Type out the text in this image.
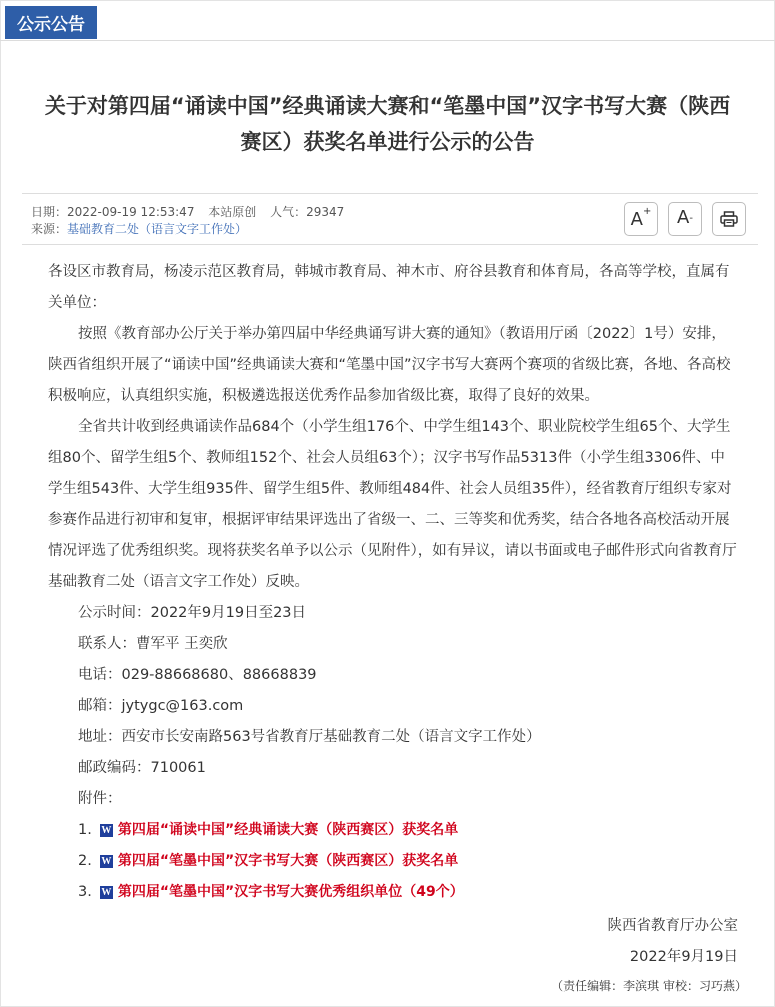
公示公告
关于对第四届“诵读中国”经典诵读大赛和“笔墨中国”汉字书写大赛（陕西
赛区）获奖名单进行公示的公告
日期：2022-09-19 12:53:47 本站原创 人气：29347
来源：基础教育二处（语言文字工作处）	A+ $A_-$

各设区市教育局，杨凌示范区教育局，韩城市教育局、神木市、府谷县教育和体育局，各高等学校，直属有关单位：

按照《教育部办公厅关于举办第四届中华经典诵写讲大赛的通知》（教语用厅函〔2022〕1号）安排，陕西省组织开展了“诵读中国”经典诵读大赛和“笔墨中国”汉字书写大赛两个赛项的省级比赛，各地、各高校积极响应，认真组织实施，积极遴选报送优秀作品参加省级比赛，取得了良好的效果。

全省共计收到经典诵读作品684个（小学生组176个、中学生组143个、职业院校学生组65个、大学生组80个、留学生组5个、教师组152个、社会人员组63个）；汉字书写作品5313件（小学生组3306件、中学生组543件、大学生组935件、留学生组5件、教师组484件、社会人员组35件），经省教育厅组织专家对参赛作品进行初审和复审，根据评审结果评选出了省级一、二、三等奖和优秀奖，结合各地各高校活动开展情况评选了优秀组织奖。现将获奖名单予以公示（见附件），如有异议，请以书面或电子邮件形式向省教育厅基础教育二处（语言文字工作处）反映。

公示时间：2022年9月19日至23日

联系人：曹军平 王奕欣

电话：029-88668680、88668839

邮箱：jytygc@163.com

地址：西安市长安南路563号省教育厅基础教育二处（语言文字工作处）

邮政编码：710061

附件：

1. W 第四届“诵读中国”经典诵读大赛（陕西赛区）获奖名单
2. W 第四届“笔墨中国”汉字书写大赛（陕西赛区）获奖名单
3. W 第四届“笔墨中国”汉字书写大赛优秀组织单位（49个）

陕西省教育厅办公室

2022年9月19日

（责任编辑：李滨琪 审校：习巧燕）
